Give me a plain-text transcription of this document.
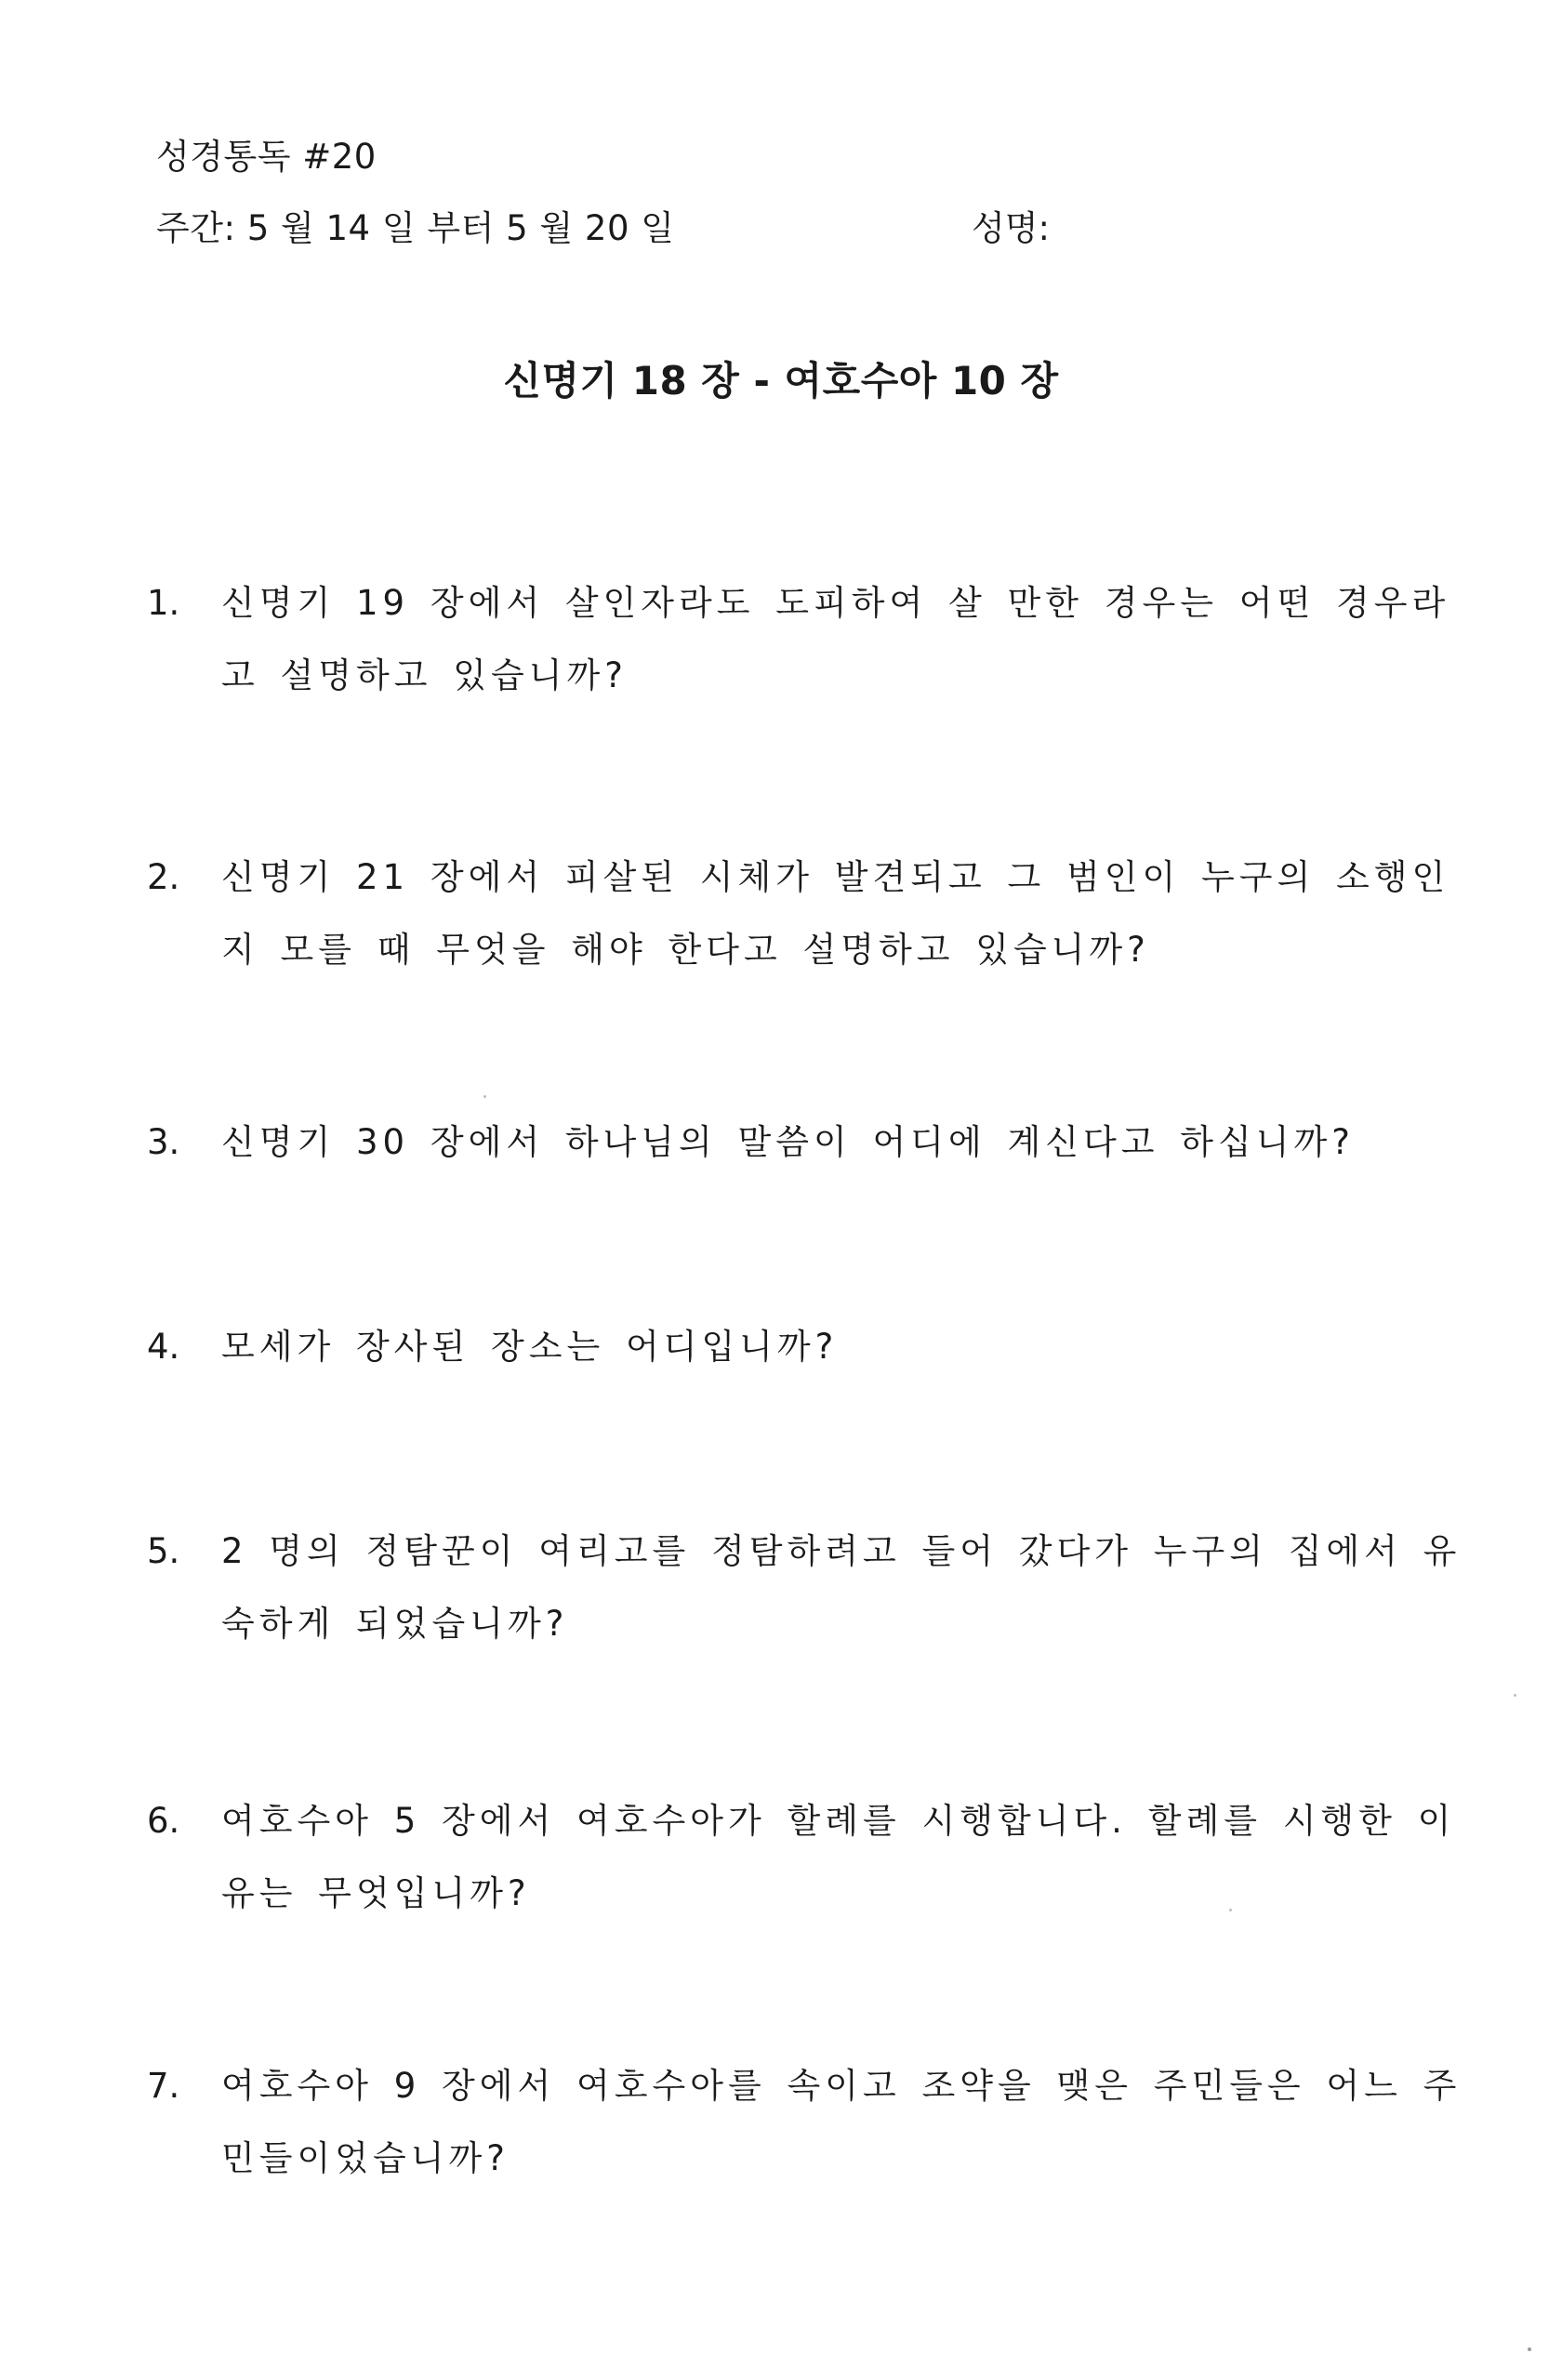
성경통독 #20
주간: 5 월 14 일 부터 5 월 20 일	성명:
신명기 18 장 - 여호수아 10 장
1.	신명기 19 장에서 살인자라도 도피하여 살 만한 경우는 어떤 경우라고 설명하고 있습니까?
2.	신명기 21 장에서 피살된 시체가 발견되고 그 범인이 누구의 소행인지 모를 때 무엇을 해야 한다고 설명하고 있습니까?
3.	신명기 30 장에서 하나님의 말씀이 어디에 계신다고 하십니까?
4.	모세가 장사된 장소는 어디입니까?
5.	2 명의 정탐꾼이 여리고를 정탐하려고 들어 갔다가 누구의 집에서 유숙하게 되었습니까?
6.	여호수아 5 장에서 여호수아가 할례를 시행합니다. 할례를 시행한 이유는 무엇입니까?
7.	여호수아 9 장에서 여호수아를 속이고 조약을 맺은 주민들은 어느 주민들이었습니까?
